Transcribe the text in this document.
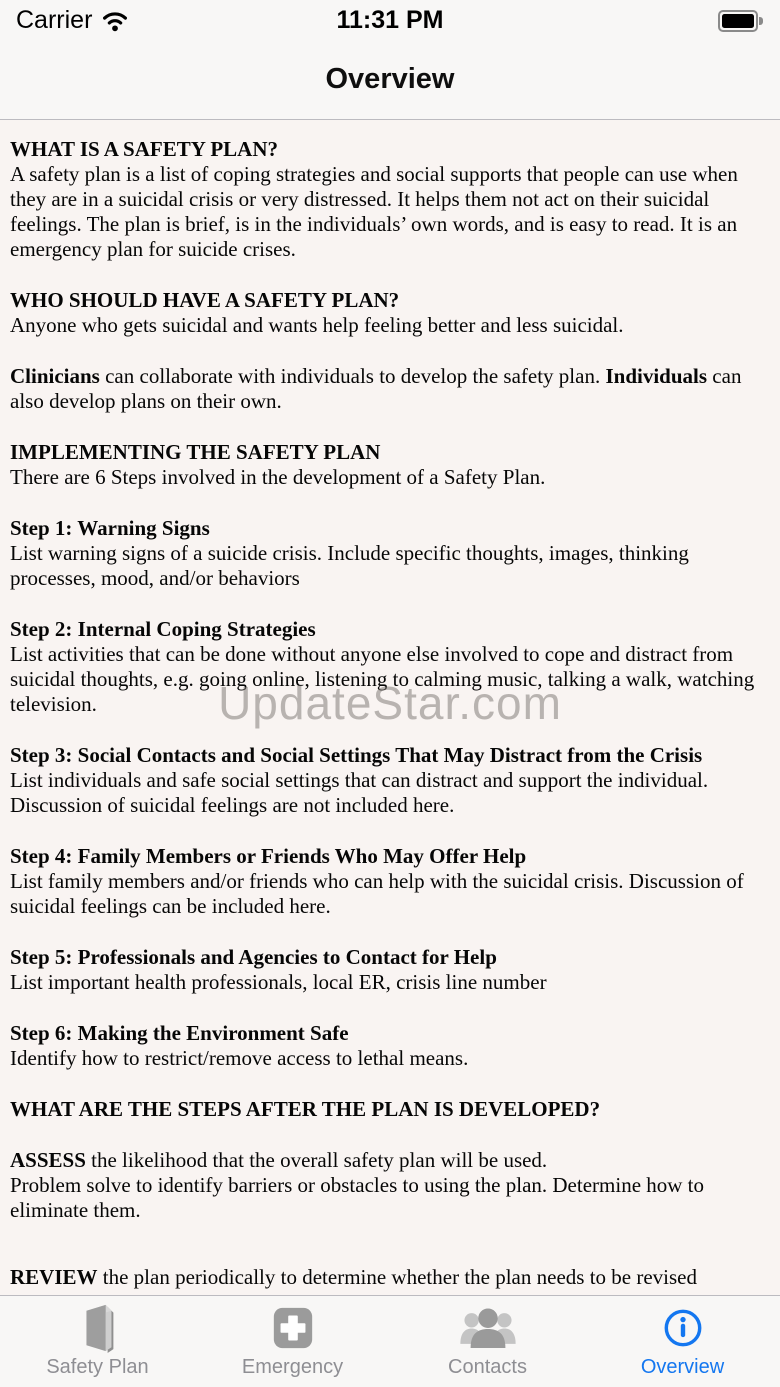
Carrier	11:31 PM
Overview
WHAT IS A SAFETY PLAN?
A safety plan is a list of coping strategies and social supports that people can use when they are in a suicidal crisis or very distressed. It helps them not act on their suicidal feelings. The plan is brief, is in the individuals’ own words, and is easy to read. It is an emergency plan for suicide crises.
WHO SHOULD HAVE A SAFETY PLAN?
Anyone who gets suicidal and wants help feeling better and less suicidal.
Clinicians can collaborate with individuals to develop the safety plan. Individuals can also develop plans on their own.
IMPLEMENTING THE SAFETY PLAN
There are 6 Steps involved in the development of a Safety Plan.
Step 1: Warning Signs
List warning signs of a suicide crisis. Include specific thoughts, images, thinking processes, mood, and/or behaviors
Step 2: Internal Coping Strategies
List activities that can be done without anyone else involved to cope and distract from suicidal thoughts, e.g. going online, listening to calming music, talking a walk, watching television.
Step 3: Social Contacts and Social Settings That May Distract from the Crisis
List individuals and safe social settings that can distract and support the individual. Discussion of suicidal feelings are not included here.
Step 4: Family Members or Friends Who May Offer Help
List family members and/or friends who can help with the suicidal crisis. Discussion of suicidal feelings can be included here.
Step 5: Professionals and Agencies to Contact for Help
List important health professionals, local ER, crisis line number
Step 6: Making the Environment Safe
Identify how to restrict/remove access to lethal means.
WHAT ARE THE STEPS AFTER THE PLAN IS DEVELOPED?
ASSESS the likelihood that the overall safety plan will be used.
Problem solve to identify barriers or obstacles to using the plan. Determine how to eliminate them.
REVIEW the plan periodically to determine whether the plan needs to be revised
UpdateStar.com
Safety Plan	Emergency	Contacts	Overview
